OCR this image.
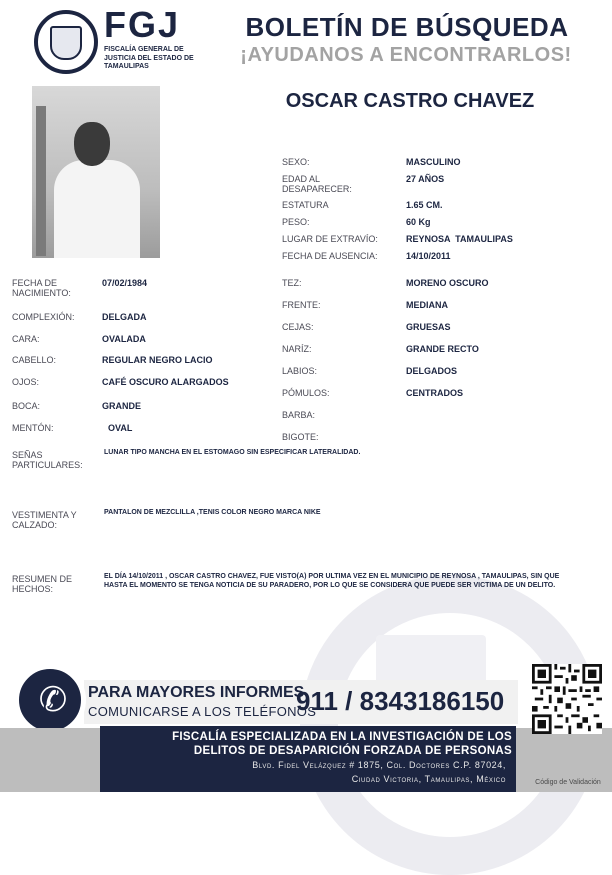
FGJ
FISCALÍA GENERAL DE JUSTICIA DEL ESTADO DE TAMAULIPAS
BOLETÍN DE BÚSQUEDA
¡AYUDANOS A ENCONTRARLOS!
OSCAR CASTRO CHAVEZ
SEXO:	MASCULINO
EDAD AL DESAPARECER:
27 AÑOS
ESTATURA	1.65 CM.
PESO:	60 Kg
LUGAR DE EXTRAVÍO:	REYNOSA  TAMAULIPAS
FECHA DE AUSENCIA:	14/10/2011
FECHA DE NACIMIENTO:
07/02/1984
COMPLEXIÓN:	DELGADA
CARA:	OVALADA
CABELLO:	REGULAR NEGRO LACIO
OJOS:	CAFÉ OSCURO ALARGADOS
BOCA:	GRANDE
MENTÓN:	OVAL
TEZ:	MORENO OSCURO
FRENTE:	MEDIANA
CEJAS:	GRUESAS
NARÍZ:	GRANDE RECTO
LABIOS:	DELGADOS
PÓMULOS:	CENTRADOS
BARBA:
BIGOTE:
SEÑAS PARTICULARES:
LUNAR TIPO MANCHA EN EL ESTOMAGO SIN ESPECIFICAR LATERALIDAD.
VESTIMENTA Y CALZADO:
PANTALON DE MEZCLILLA ,TENIS COLOR NEGRO MARCA NIKE
RESUMEN DE HECHOS:
EL DÍA 14/10/2011 , OSCAR CASTRO CHAVEZ, FUE VISTO(A) POR ULTIMA VEZ EN EL MUNICIPIO DE REYNOSA , TAMAULIPAS, SIN QUE HASTA EL MOMENTO SE TENGA NOTICIA DE SU PARADERO, POR LO QUE SE CONSIDERA QUE PUEDE SER VICTIMA DE UN DELITO.
PARA MAYORES INFORMES,
COMUNICARSE A LOS TELÉFONOS
911 / 8343186150
✆
FISCALÍA ESPECIALIZADA EN LA INVESTIGACIÓN DE LOS
DELITOS DE DESAPARICIÓN FORZADA DE PERSONAS
Blvd. Fidel Velázquez # 1875, Col. Doctores C.P. 87024,
Ciudad Victoria, Tamaulipas, México	Código de Validación
